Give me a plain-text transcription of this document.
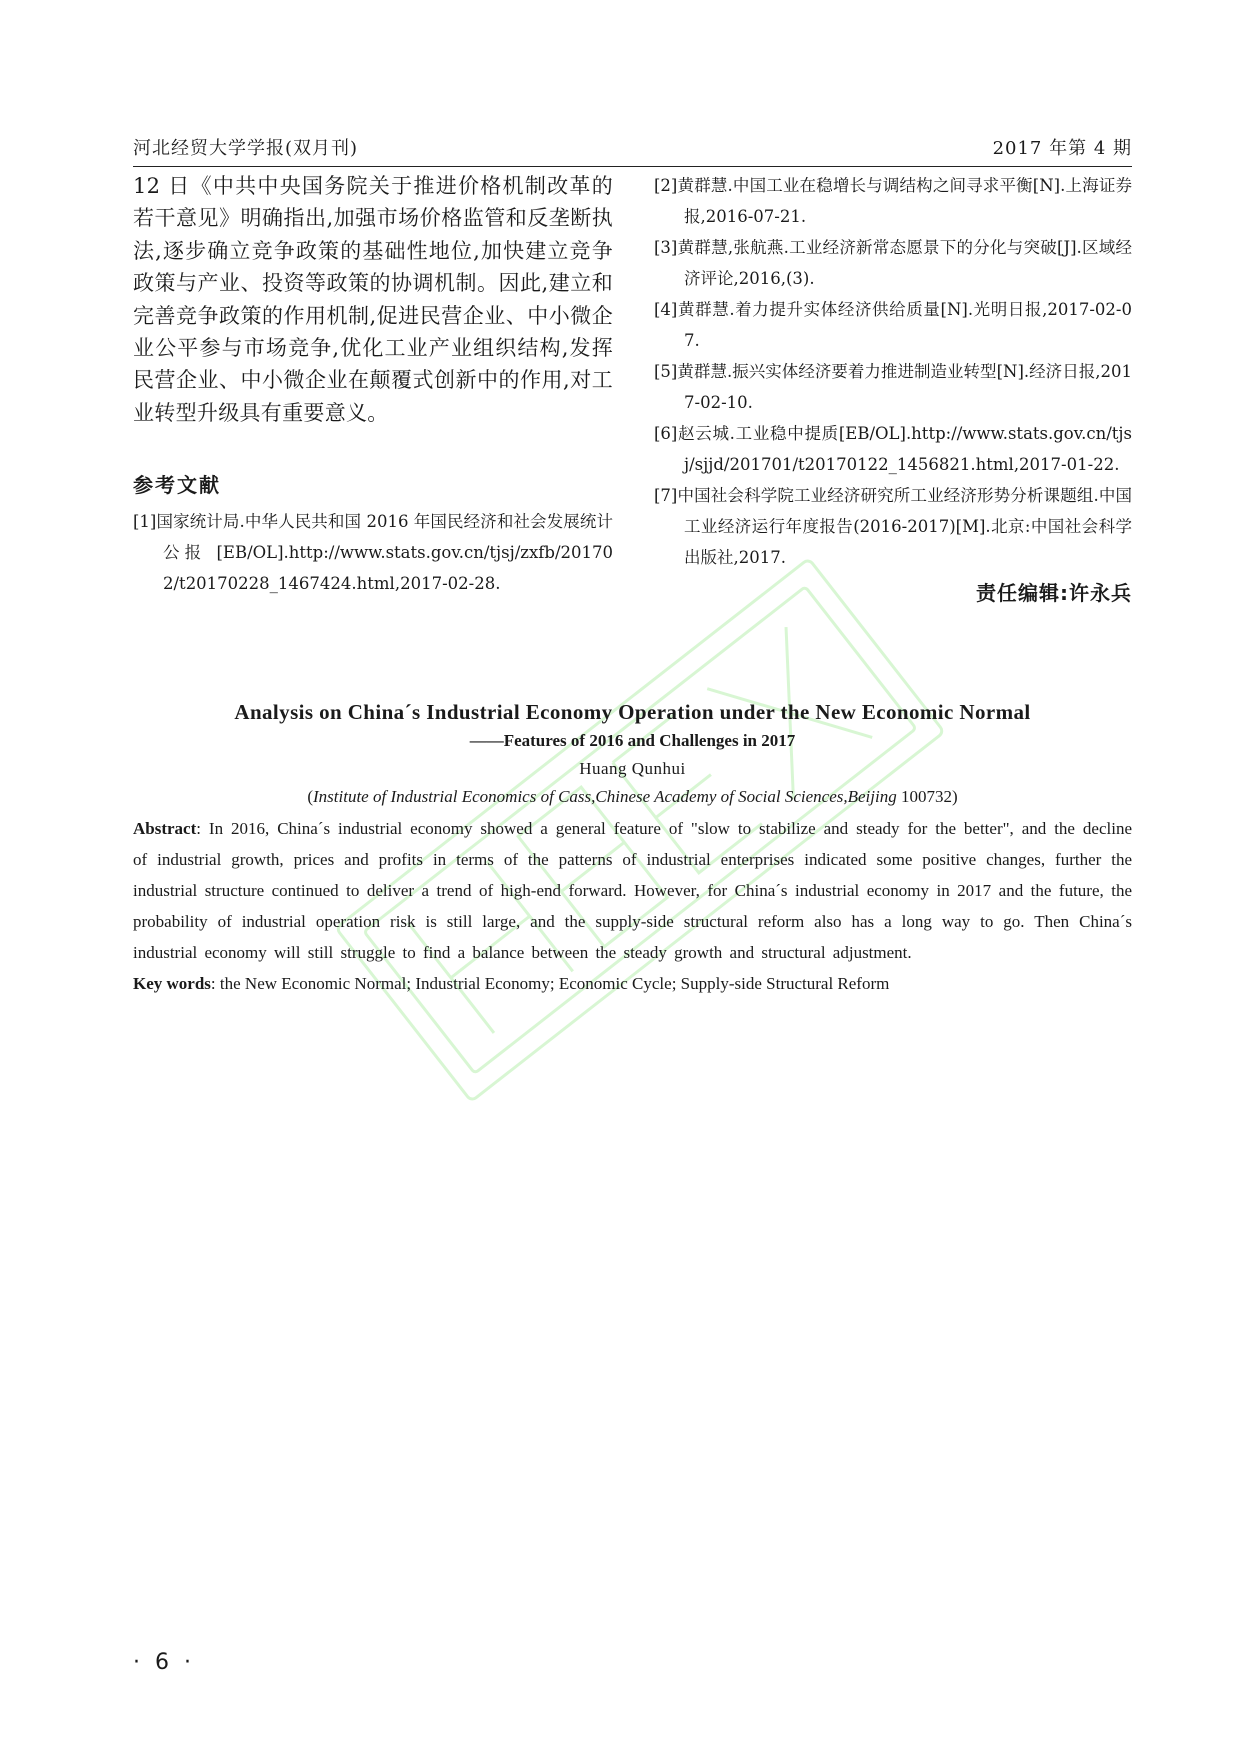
河北经贸大学学报(双月刊)	2017 年第 4 期

12 日《中共中央国务院关于推进价格机制改革的若干意见》明确指出,加强市场价格监管和反垄断执法,逐步确立竞争政策的基础性地位,加快建立竞争政策与产业、投资等政策的协调机制。因此,建立和完善竞争政策的作用机制,促进民营企业、中小微企业公平参与市场竞争,优化工业产业组织结构,发挥民营企业、中小微企业在颠覆式创新中的作用,对工业转型升级具有重要意义。

参考文献

[1]国家统计局.中华人民共和国 2016 年国民经济和社会发展统计公报 [EB/OL].http://www.stats.gov.cn/tjsj/zxfb/201702/t20170228_1467424.html,2017-02-28.

[2]黄群慧.中国工业在稳增长与调结构之间寻求平衡[N].上海证券报,2016-07-21.

[3]黄群慧,张航燕.工业经济新常态愿景下的分化与突破[J].区域经济评论,2016,(3).

[4]黄群慧.着力提升实体经济供给质量[N].光明日报,2017-02-07.

[5]黄群慧.振兴实体经济要着力推进制造业转型[N].经济日报,2017-02-10.

[6]赵云城.工业稳中提质[EB/OL].http://www.stats.gov.cn/tjsj/sjjd/201701/t20170122_1456821.html,2017-01-22.

[7]中国社会科学院工业经济研究所工业经济形势分析课题组.中国工业经济运行年度报告(2016-2017)[M].北京:中国社会科学出版社,2017.

责任编辑:许永兵

Analysis on China´s Industrial Economy Operation under the New Economic Normal

——Features of 2016 and Challenges in 2017

Huang Qunhui

(Institute of Industrial Economics of Cass,Chinese Academy of Social Sciences,Beijing 100732)

Abstract: In 2016, China´s industrial economy showed a general feature of "slow to stabilize and steady for the better", and the decline of industrial growth, prices and profits in terms of the patterns of industrial enterprises indicated some positive changes, further the industrial structure continued to deliver a trend of high-end forward. However, for China´s industrial economy in 2017 and the future, the probability of industrial operation risk is still large, and the supply-side structural reform also has a long way to go. Then China´s industrial economy will still struggle to find a balance between the steady growth and structural adjustment.

Key words: the New Economic Normal; Industrial Economy; Economic Cycle; Supply-side Structural Reform

· 6 ·
